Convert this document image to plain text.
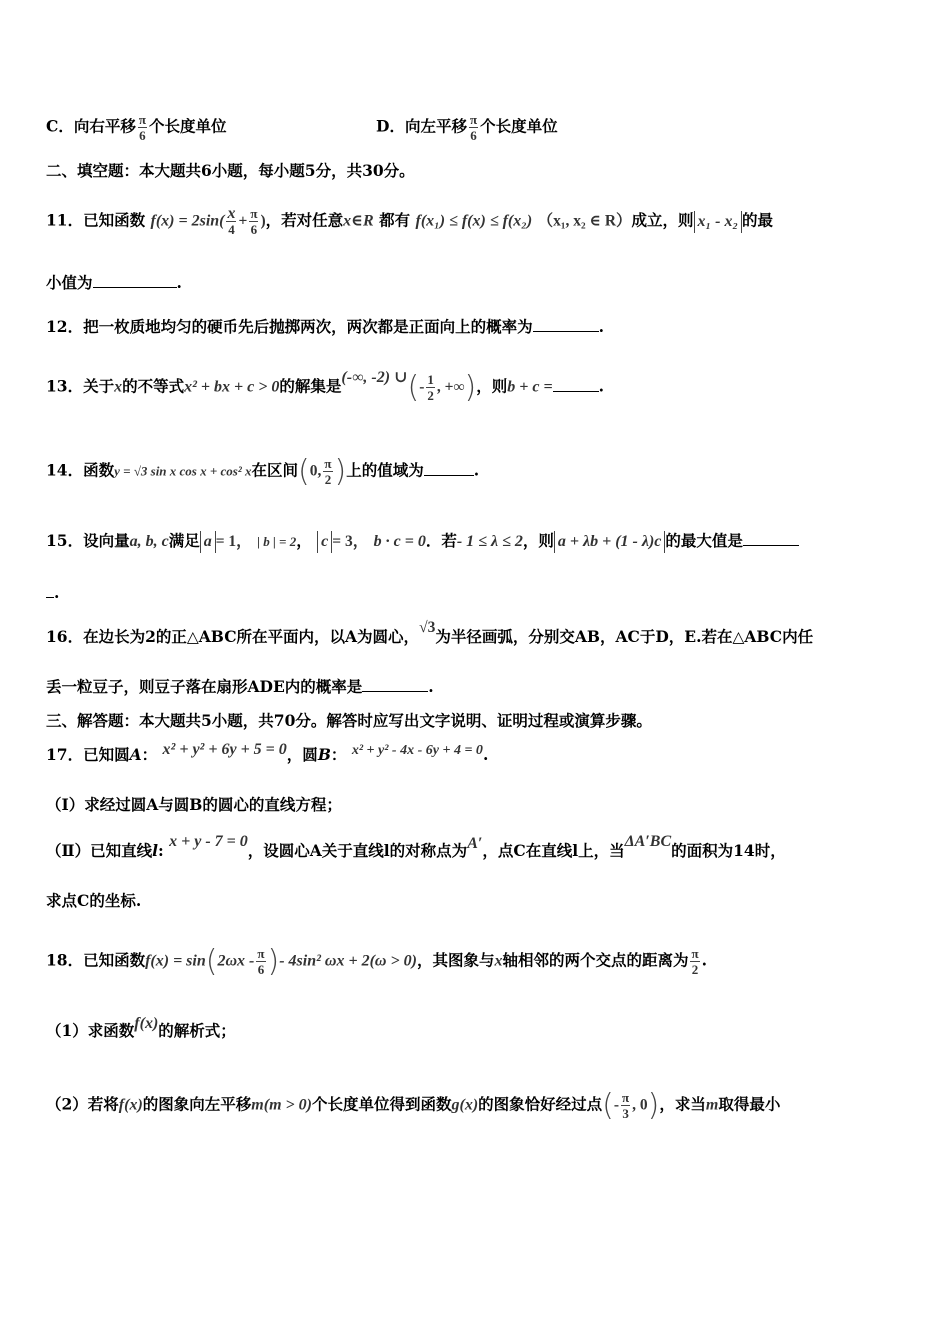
C．向右平移 $\frac{\pi}{6}$ 个长度单位	D．向左平移 $\frac{\pi}{6}$ 个长度单位
二、填空题：本大题共6小题，每小题5分，共30分。
11．已知函数 $f(x) = 2\sin( \frac{x}{4} + \frac{\pi}{6}$ )，若对任意x∈R 都有 f(x₁) ≤ f(x) ≤ f(x₂) （x₁, x₂ ∈ R）成立，则 x₁ - x₂ 的最
小值为	.
12．把一枚质地均匀的硬币先后抛掷两次，两次都是正面向上的概率为	.
13．关于x的不等式x² + bx + c > 0的解集是(-∞, -2) ∪(- $\frac{1}{2}$ , +∞)，则b + c =	.
14．函数y = √3 sin x cos x + cos² x在区间(0, $\frac{\pi}{2}$ )上的值域为	.
15．设向量a, b, c满足 a = 1， | b | = 2， c = 3， b · c = 0．若- 1 ≤ λ ≤ 2，则 a + λb + (1 - λ)c 的最大值是
.
16．在边长为2的正△ABC所在平面内，以A为圆心，√3为半径画弧，分别交AB，AC于D，E.若在△ABC内任
丢一粒豆子，则豆子落在扇形ADE内的概率是	.
三、解答题：本大题共5小题，共70分。解答时应写出文字说明、证明过程或演算步骤。
17．已知圆A： x² + y² + 6y + 5 = 0，圆B： x² + y² - 4x - 6y + 4 = 0.
（Ⅰ）求经过圆A与圆B的圆心的直线方程；
（Ⅱ）已知直线l: x + y - 7 = 0，设圆心A关于直线l的对称点为A′，点C在直线l上，当ΔA′BC的面积为14时，
求点C的坐标.
18．已知函数$f(x) = \sin(2\omega x - \frac{\pi}{6}$ )- 4sin² ωx + 2(ω > 0)，其图象与x轴相邻的两个交点的距离为 $\frac{\pi}{2}$ .
（1）求函数f(x)的解析式；
（2）若将f(x)的图象向左平移m(m > 0)个长度单位得到函数g(x)的图象恰好经过点(- $\frac{\pi}{3}$ , 0)，求当m取得最小
